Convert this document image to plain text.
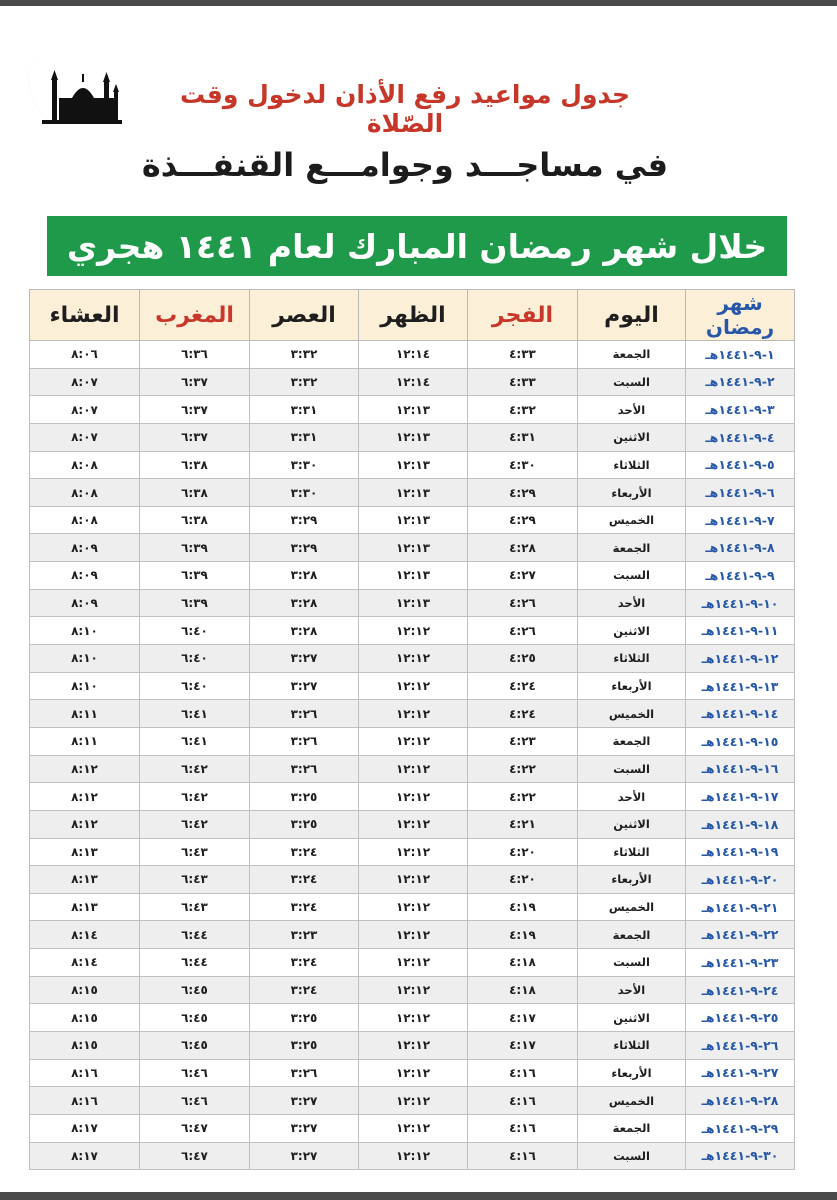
جدول مواعيد رفع الأذان لدخول وقت الصّلاة
في مساجـــد وجوامـــع القنفـــذة
خلال شهر رمضان المبارك لعام ١٤٤١ هجري
شهر رمضان	اليوم	الفجر	الظهر	العصر	المغرب	العشاء
١-٩-١٤٤١هـ	الجمعة	٤:٣٣	١٢:١٤	٣:٣٢	٦:٣٦	٨:٠٦
٢-٩-١٤٤١هـ	السبت	٤:٣٣	١٢:١٤	٣:٣٢	٦:٣٧	٨:٠٧
٣-٩-١٤٤١هـ	الأحد	٤:٣٢	١٢:١٣	٣:٣١	٦:٣٧	٨:٠٧
٤-٩-١٤٤١هـ	الاثنين	٤:٣١	١٢:١٣	٣:٣١	٦:٣٧	٨:٠٧
٥-٩-١٤٤١هـ	الثلاثاء	٤:٣٠	١٢:١٣	٣:٣٠	٦:٣٨	٨:٠٨
٦-٩-١٤٤١هـ	الأربعاء	٤:٢٩	١٢:١٣	٣:٣٠	٦:٣٨	٨:٠٨
٧-٩-١٤٤١هـ	الخميس	٤:٢٩	١٢:١٣	٣:٢٩	٦:٣٨	٨:٠٨
٨-٩-١٤٤١هـ	الجمعة	٤:٢٨	١٢:١٣	٣:٢٩	٦:٣٩	٨:٠٩
٩-٩-١٤٤١هـ	السبت	٤:٢٧	١٢:١٣	٣:٢٨	٦:٣٩	٨:٠٩
١٠-٩-١٤٤١هـ	الأحد	٤:٢٦	١٢:١٣	٣:٢٨	٦:٣٩	٨:٠٩
١١-٩-١٤٤١هـ	الاثنين	٤:٢٦	١٢:١٢	٣:٢٨	٦:٤٠	٨:١٠
١٢-٩-١٤٤١هـ	الثلاثاء	٤:٢٥	١٢:١٢	٣:٢٧	٦:٤٠	٨:١٠
١٣-٩-١٤٤١هـ	الأربعاء	٤:٢٤	١٢:١٢	٣:٢٧	٦:٤٠	٨:١٠
١٤-٩-١٤٤١هـ	الخميس	٤:٢٤	١٢:١٢	٣:٢٦	٦:٤١	٨:١١
١٥-٩-١٤٤١هـ	الجمعة	٤:٢٣	١٢:١٢	٣:٢٦	٦:٤١	٨:١١
١٦-٩-١٤٤١هـ	السبت	٤:٢٢	١٢:١٢	٣:٢٦	٦:٤٢	٨:١٢
١٧-٩-١٤٤١هـ	الأحد	٤:٢٢	١٢:١٢	٣:٢٥	٦:٤٢	٨:١٢
١٨-٩-١٤٤١هـ	الاثنين	٤:٢١	١٢:١٢	٣:٢٥	٦:٤٢	٨:١٢
١٩-٩-١٤٤١هـ	الثلاثاء	٤:٢٠	١٢:١٢	٣:٢٤	٦:٤٣	٨:١٣
٢٠-٩-١٤٤١هـ	الأربعاء	٤:٢٠	١٢:١٢	٣:٢٤	٦:٤٣	٨:١٣
٢١-٩-١٤٤١هـ	الخميس	٤:١٩	١٢:١٢	٣:٢٤	٦:٤٣	٨:١٣
٢٢-٩-١٤٤١هـ	الجمعة	٤:١٩	١٢:١٢	٣:٢٣	٦:٤٤	٨:١٤
٢٣-٩-١٤٤١هـ	السبت	٤:١٨	١٢:١٢	٣:٢٤	٦:٤٤	٨:١٤
٢٤-٩-١٤٤١هـ	الأحد	٤:١٨	١٢:١٢	٣:٢٤	٦:٤٥	٨:١٥
٢٥-٩-١٤٤١هـ	الاثنين	٤:١٧	١٢:١٢	٣:٢٥	٦:٤٥	٨:١٥
٢٦-٩-١٤٤١هـ	الثلاثاء	٤:١٧	١٢:١٢	٣:٢٥	٦:٤٥	٨:١٥
٢٧-٩-١٤٤١هـ	الأربعاء	٤:١٦	١٢:١٢	٣:٢٦	٦:٤٦	٨:١٦
٢٨-٩-١٤٤١هـ	الخميس	٤:١٦	١٢:١٢	٣:٢٧	٦:٤٦	٨:١٦
٢٩-٩-١٤٤١هـ	الجمعة	٤:١٦	١٢:١٢	٣:٢٧	٦:٤٧	٨:١٧
٣٠-٩-١٤٤١هـ	السبت	٤:١٦	١٢:١٢	٣:٢٧	٦:٤٧	٨:١٧
